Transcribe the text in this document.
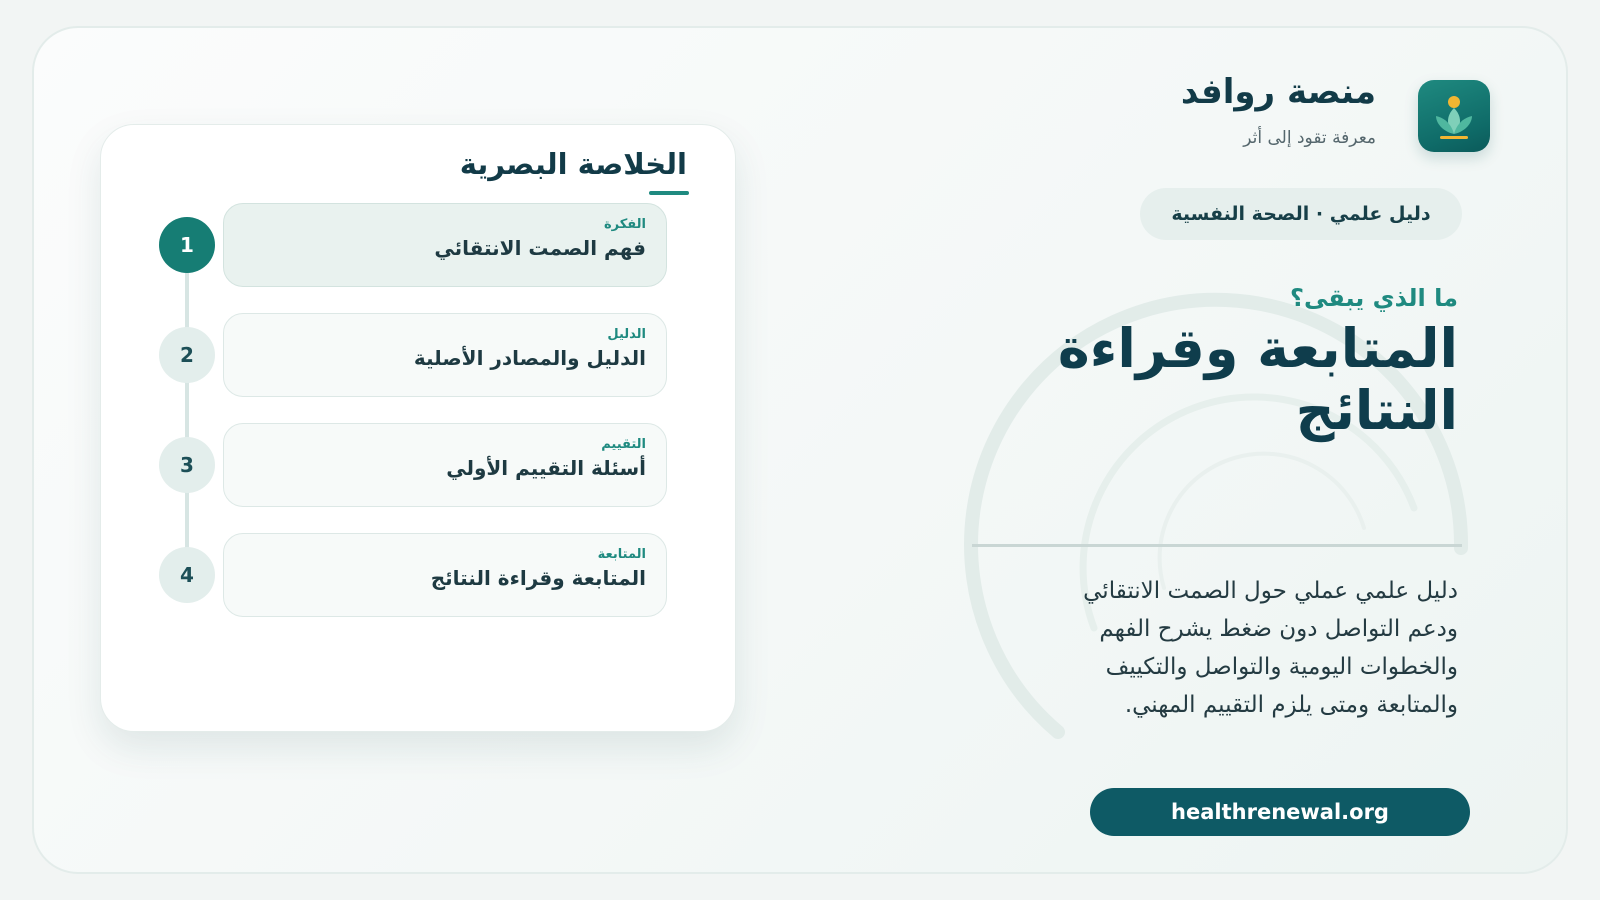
منصة روافد
معرفة تقود إلى أثر
دليل علمي · الصحة النفسية
ما الذي يبقى؟
المتابعة وقراءة النتائج
دليل علمي عملي حول الصمت الانتقائي ودعم التواصل دون ضغط يشرح الفهم والخطوات اليومية والتواصل والتكييف والمتابعة ومتى يلزم التقييم المهني.
healthrenewal.org
الخلاصة البصرية
1
الفكرة
فهم الصمت الانتقائي
2
الدليل
الدليل والمصادر الأصلية
3
التقييم
أسئلة التقييم الأولي
4
المتابعة
المتابعة وقراءة النتائج
